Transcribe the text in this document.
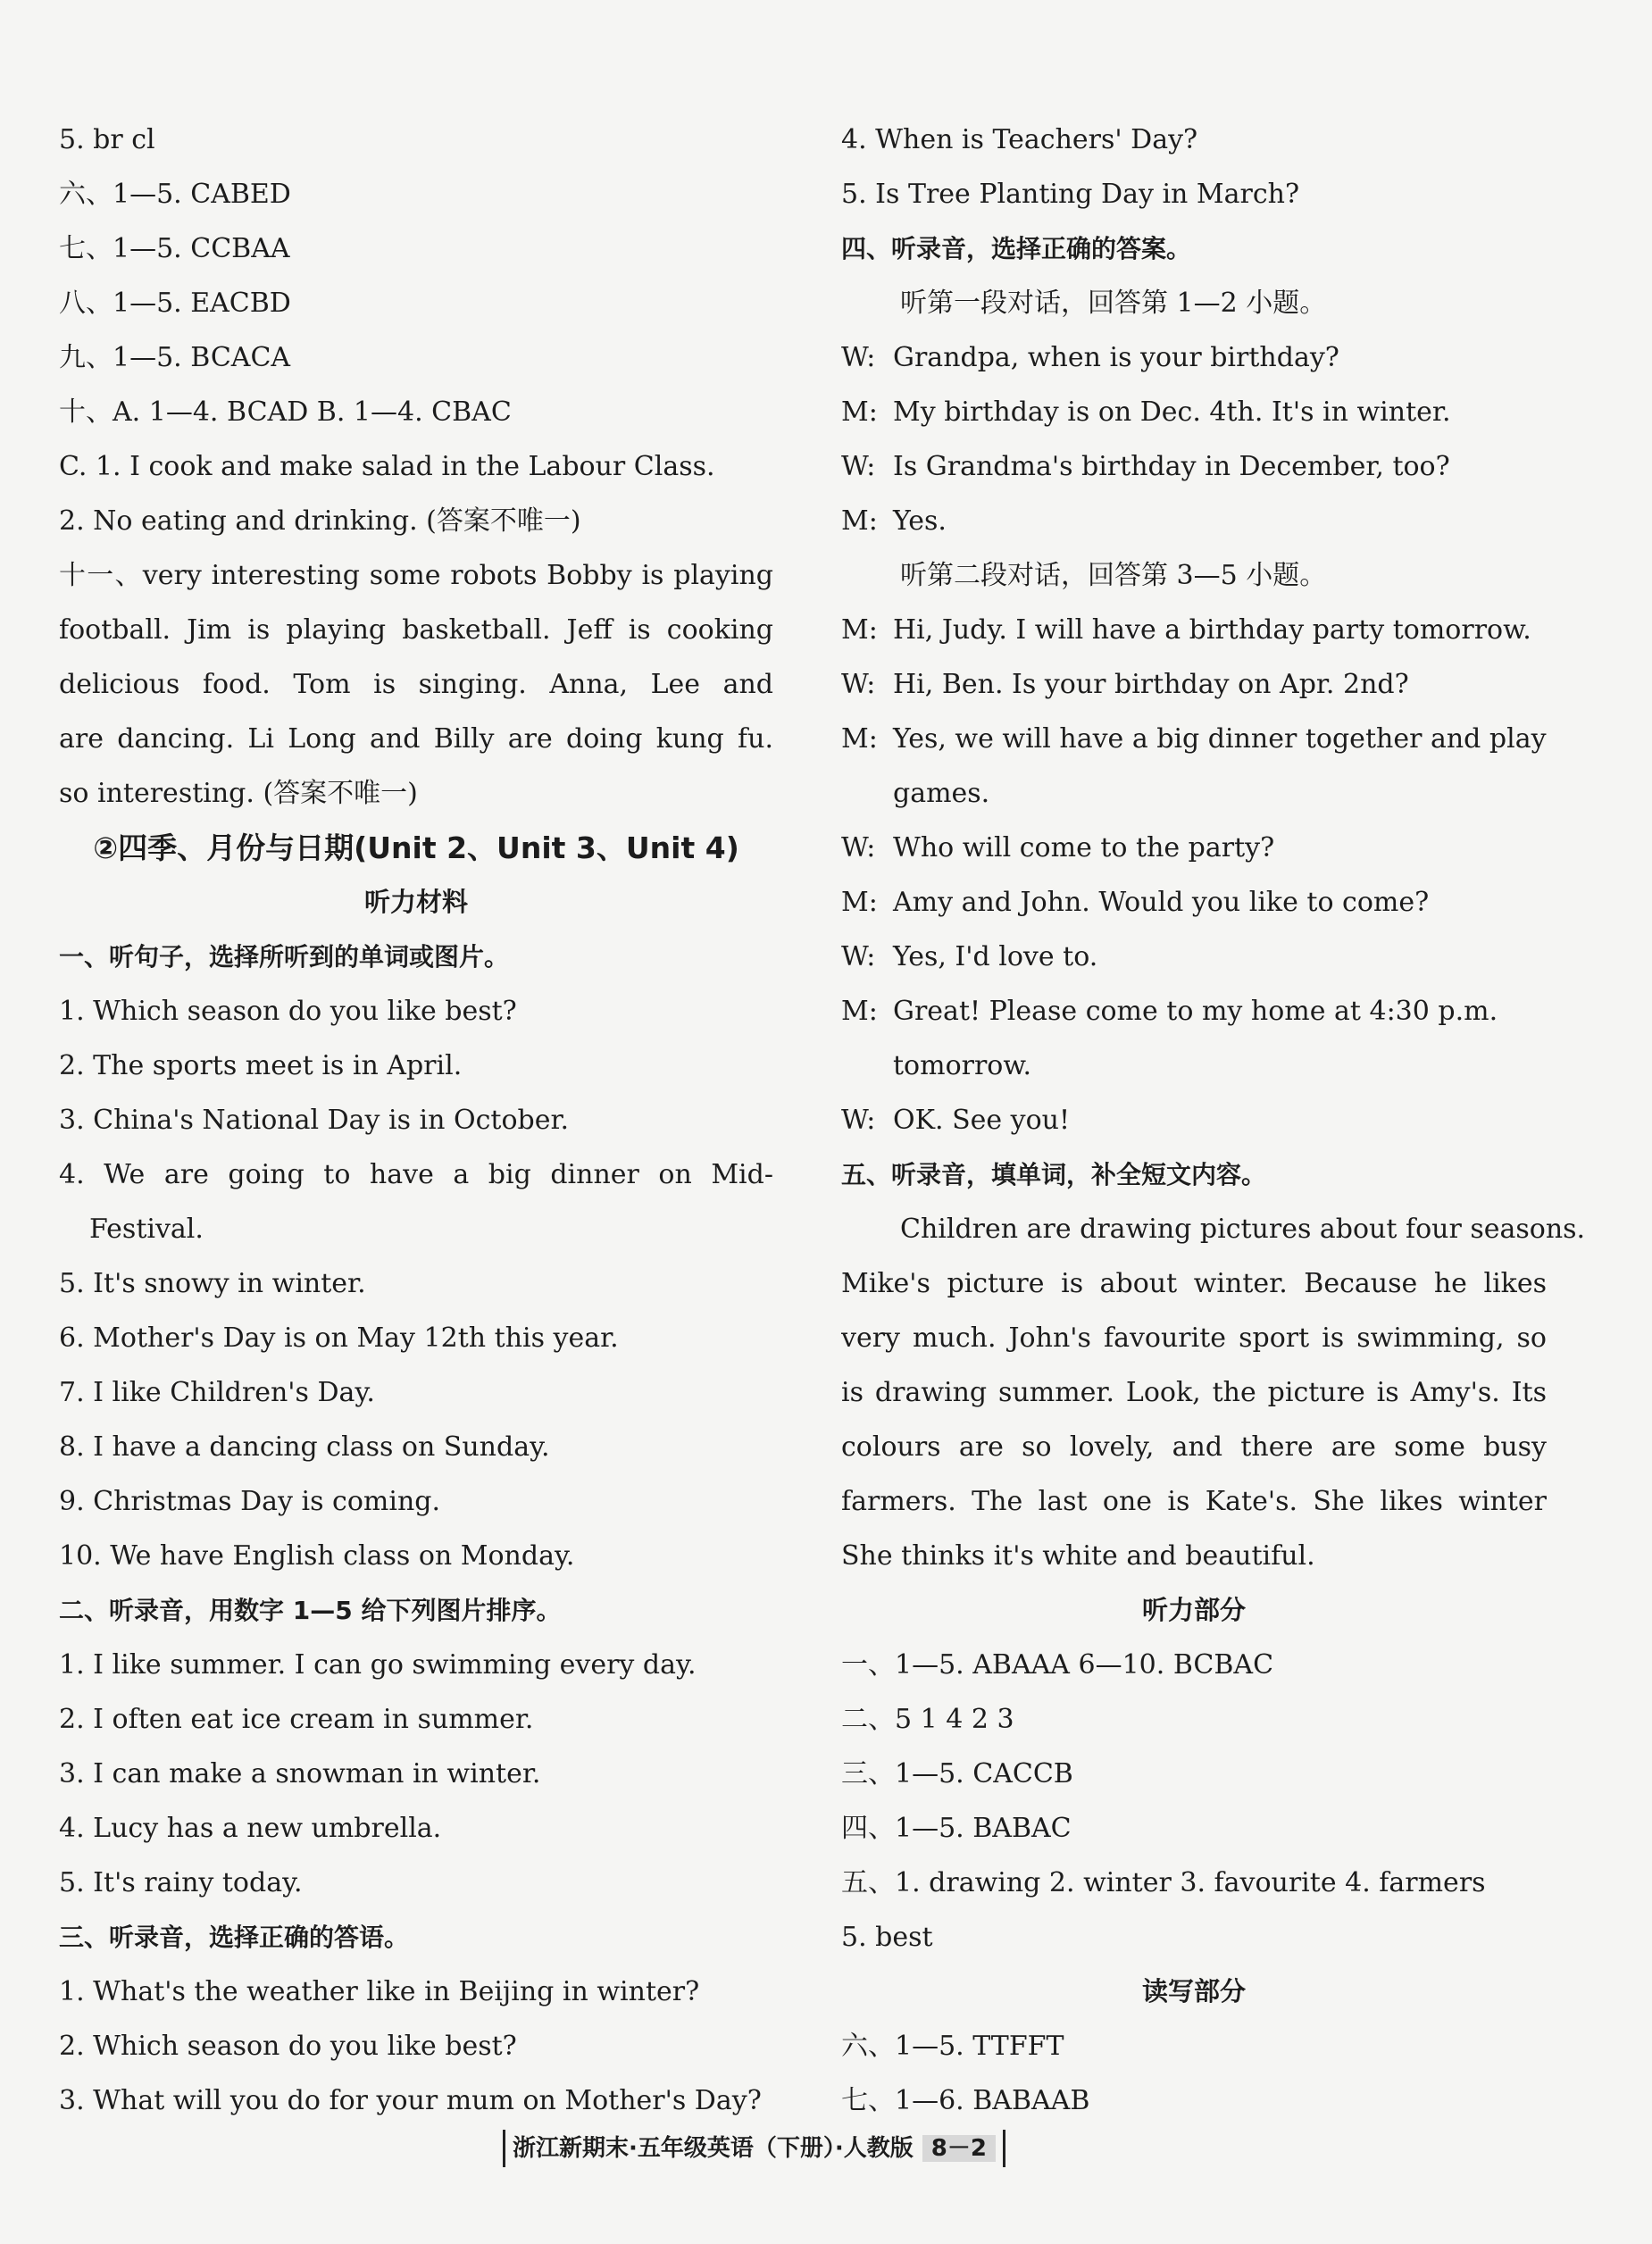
5. br cl
六、1—5. CABED
七、1—5. CCBAA
八、1—5. EACBD
九、1—5. BCACA
十、A. 1—4. BCAD B. 1—4. CBAC
C. 1. I cook and make salad in the Labour Class.
2. No eating and drinking. (答案不唯一)
十一、very interesting some robots Bobby is playing
football. Jim is playing basketball. Jeff is cooking
delicious food. Tom is singing. Anna, Lee and
are dancing. Li Long and Billy are doing kung fu.
so interesting. (答案不唯一)
②四季、月份与日期(Unit 2、Unit 3、Unit 4)
听力材料
一、听句子，选择所听到的单词或图片。
1. Which season do you like best?
2. The sports meet is in April.
3. China's National Day is in October.
4. We are going to have a big dinner on Mid-
Festival.
5. It's snowy in winter.
6. Mother's Day is on May 12th this year.
7. I like Children's Day.
8. I have a dancing class on Sunday.
9. Christmas Day is coming.
10. We have English class on Monday.
二、听录音，用数字 1—5 给下列图片排序。
1. I like summer. I can go swimming every day.
2. I often eat ice cream in summer.
3. I can make a snowman in winter.
4. Lucy has a new umbrella.
5. It's rainy today.
三、听录音，选择正确的答语。
1. What's the weather like in Beijing in winter?
2. Which season do you like best?
3. What will you do for your mum on Mother's Day?
4. When is Teachers' Day?
5. Is Tree Planting Day in March?
四、听录音，选择正确的答案。
听第一段对话，回答第 1—2 小题。
W: Grandpa, when is your birthday?
M: My birthday is on Dec. 4th. It's in winter.
W: Is Grandma's birthday in December, too?
M: Yes.
听第二段对话，回答第 3—5 小题。
M: Hi, Judy. I will have a birthday party tomorrow.
W: Hi, Ben. Is your birthday on Apr. 2nd?
M: Yes, we will have a big dinner together and play
games.
W: Who will come to the party?
M: Amy and John. Would you like to come?
W: Yes, I'd love to.
M: Great! Please come to my home at 4:30 p.m.
tomorrow.
W: OK. See you!
五、听录音，填单词，补全短文内容。
Children are drawing pictures about four seasons.
Mike's picture is about winter. Because he likes
very much. John's favourite sport is swimming, so
is drawing summer. Look, the picture is Amy's. Its
colours are so lovely, and there are some busy
farmers. The last one is Kate's. She likes winter
She thinks it's white and beautiful.
听力部分
一、1—5. ABAAA 6—10. BCBAC
二、5 1 4 2 3
三、1—5. CACCB
四、1—5. BABAC
五、1. drawing 2. winter 3. favourite 4. farmers
5. best
读写部分
六、1—5. TTFFT
七、1—6. BABAAB
浙江新期末·五年级英语（下册）·人教版 8－2
